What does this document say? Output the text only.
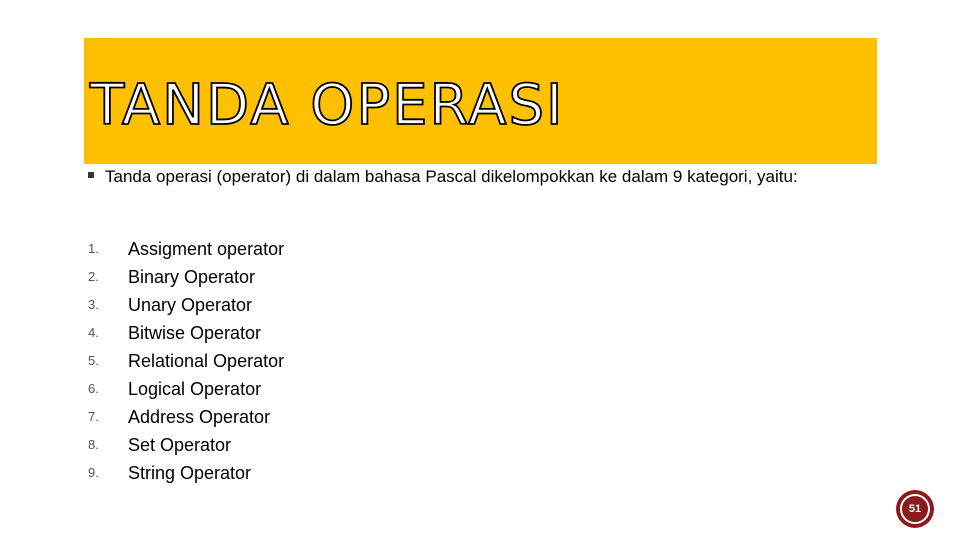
TANDA OPERASI
Tanda operasi (operator) di dalam bahasa Pascal dikelompokkan ke dalam 9 kategori, yaitu:
1.	Assigment operator
2.	Binary Operator
3.	Unary Operator
4.	Bitwise Operator
5.	Relational Operator
6.	Logical Operator
7.	Address Operator
8.	Set Operator
9.	String Operator
51
